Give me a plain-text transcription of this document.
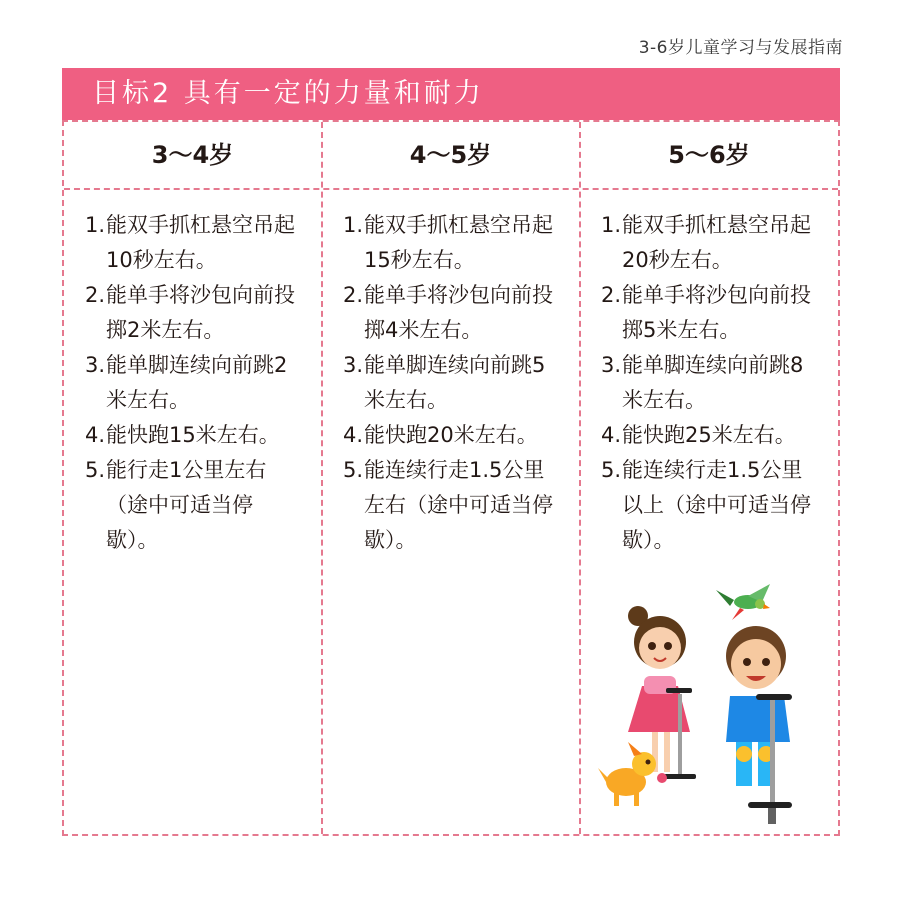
3-6岁儿童学习与发展指南
目标2 具有一定的力量和耐力
3～4岁	4～5岁	5～6岁
1. 能双手抓杠悬空吊起10秒左右。
2. 能单手将沙包向前投掷2米左右。
3. 能单脚连续向前跳2米左右。
4. 能快跑15米左右。
5. 能行走1公里左右（途中可适当停歇）。
1. 能双手抓杠悬空吊起15秒左右。
2. 能单手将沙包向前投掷4米左右。
3. 能单脚连续向前跳5米左右。
4. 能快跑20米左右。
5. 能连续行走1.5公里左右（途中可适当停歇）。
1. 能双手抓杠悬空吊起20秒左右。
2. 能单手将沙包向前投掷5米左右。
3. 能单脚连续向前跳8米左右。
4. 能快跑25米左右。
5. 能连续行走1.5公里以上（途中可适当停歇）。
